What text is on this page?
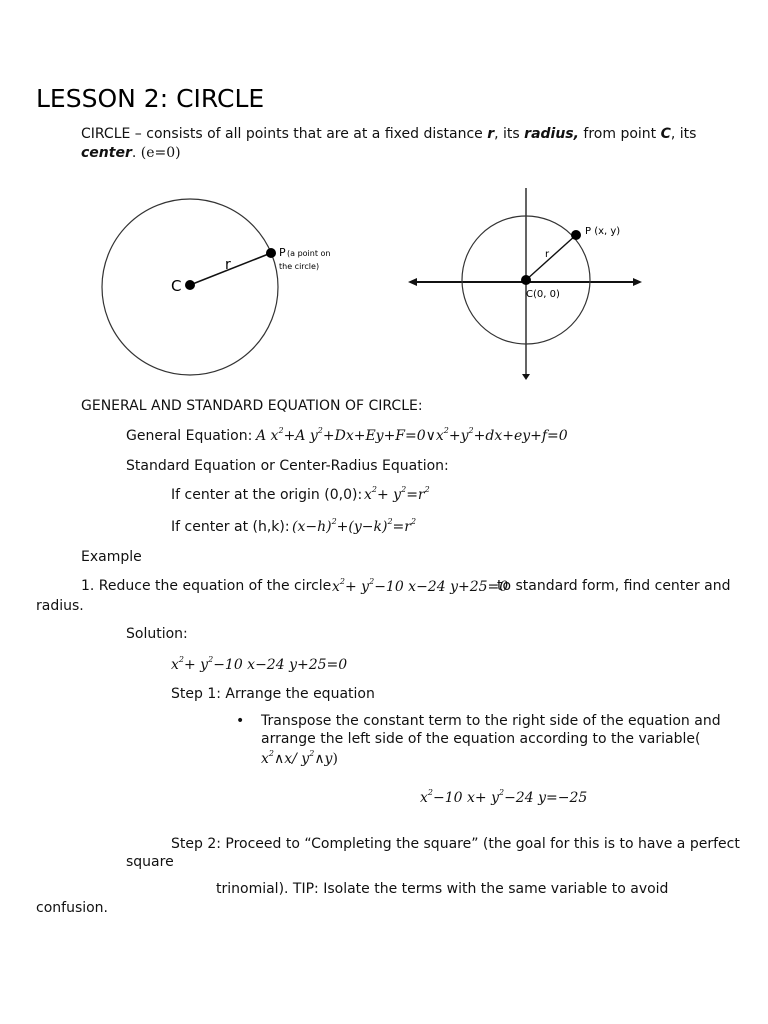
LESSON 2: CIRCLE
CIRCLE – consists of all points that are at a fixed distance r, its radius, from point C, its
center. (e=0)
C
r
P (a point on
the circle)
P (x, y)
r
C(0, 0)
GENERAL AND STANDARD EQUATION OF CIRCLE:
General Equation: A $x^2+A$ $y^2+Dx+Ey+F=0\vee x^2+y^2+dx+ey+f=0$
Standard Equation or Center-Radius Equation:
If center at the origin (0,0): $x^2+ y^2=r^2$
If center at (h,k): $(x-h)^2+(y-k)^2=r^2$
Example
1. Reduce the equation of the circle $x^2+ y^2-10$ x−24 y+25=0
to standard form, find center and
radius.
Solution:
$x^2+ y^2-10$ x−24 y+25=0
Step 1: Arrange the equation
• Transpose the constant term to the right side of the equation and
arrange the left side of the equation according to the variable(
$x^2\wedge x/$ $y^2\wedge y$)
$x^2-10$ $x+ y^2-24$ y=−25
Step 2: Proceed to “Completing the square” (the goal for this is to have a perfect
square
trinomial). TIP: Isolate the terms with the same variable to avoid
confusion.
